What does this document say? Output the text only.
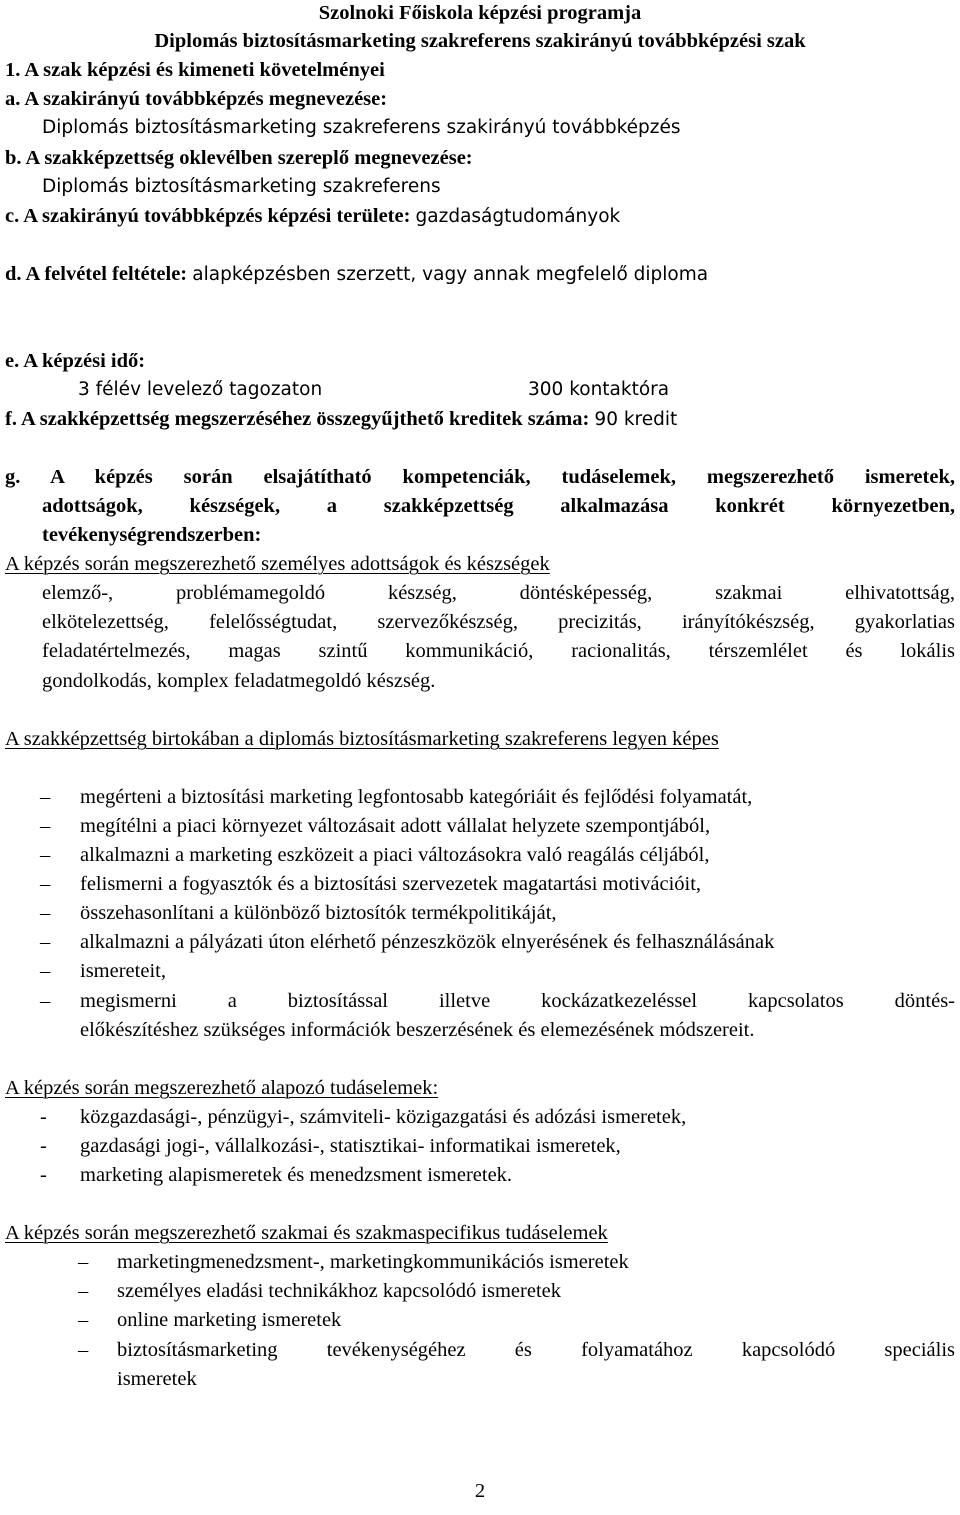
Szolnoki Főiskola képzési programja
Diplomás biztosításmarketing szakreferens szakirányú továbbképzési szak
1. A szak képzési és kimeneti követelményei
a. A szakirányú továbbképzés megnevezése:
Diplomás biztosításmarketing szakreferens szakirányú továbbképzés
b. A szakképzettség oklevélben szereplő megnevezése:
Diplomás biztosításmarketing szakreferens
c. A szakirányú továbbképzés képzési területe: gazdaságtudományok
d. A felvétel feltétele: alapképzésben szerzett, vagy annak megfelelő diploma
e. A képzési idő:
3 félév levelező tagozaton	300 kontaktóra
f. A szakképzettség megszerzéséhez összegyűjthető kreditek száma: 90 kredit
g. A képzés során elsajátítható kompetenciák, tudáselemek, megszerezhető ismeretek,
adottságok, készségek, a szakképzettség alkalmazása konkrét környezetben,
tevékenységrendszerben:
A képzés során megszerezhető személyes adottságok és készségek
elemző-, problémamegoldó készség, döntésképesség, szakmai elhivatottság,
elkötelezettség, felelősségtudat, szervezőkészség, precizitás, irányítókészség, gyakorlatias
feladatértelmezés, magas szintű kommunikáció, racionalitás, térszemlélet és lokális
gondolkodás, komplex feladatmegoldó készség.
A szakképzettség birtokában a diplomás biztosításmarketing szakreferens legyen képes
– megérteni a biztosítási marketing legfontosabb kategóriáit és fejlődési folyamatát,
– megítélni a piaci környezet változásait adott vállalat helyzete szempontjából,
– alkalmazni a marketing eszközeit a piaci változásokra való reagálás céljából,
– felismerni a fogyasztók és a biztosítási szervezetek magatartási motivációit,
– összehasonlítani a különböző biztosítók termékpolitikáját,
– alkalmazni a pályázati úton elérhető pénzeszközök elnyerésének és felhasználásának
– ismereteit,
– megismerni a biztosítással illetve kockázatkezeléssel kapcsolatos döntés-
előkészítéshez szükséges információk beszerzésének és elemezésének módszereit.
A képzés során megszerezhető alapozó tudáselemek:
- közgazdasági-, pénzügyi-, számviteli- közigazgatási és adózási ismeretek,
- gazdasági jogi-, vállalkozási-, statisztikai- informatikai ismeretek,
- marketing alapismeretek és menedzsment ismeretek.
A képzés során megszerezhető szakmai és szakmaspecifikus tudáselemek
– marketingmenedzsment-, marketingkommunikációs ismeretek
– személyes eladási technikákhoz kapcsolódó ismeretek
– online marketing ismeretek
– biztosításmarketing tevékenységéhez és folyamatához kapcsolódó speciális
ismeretek
2
